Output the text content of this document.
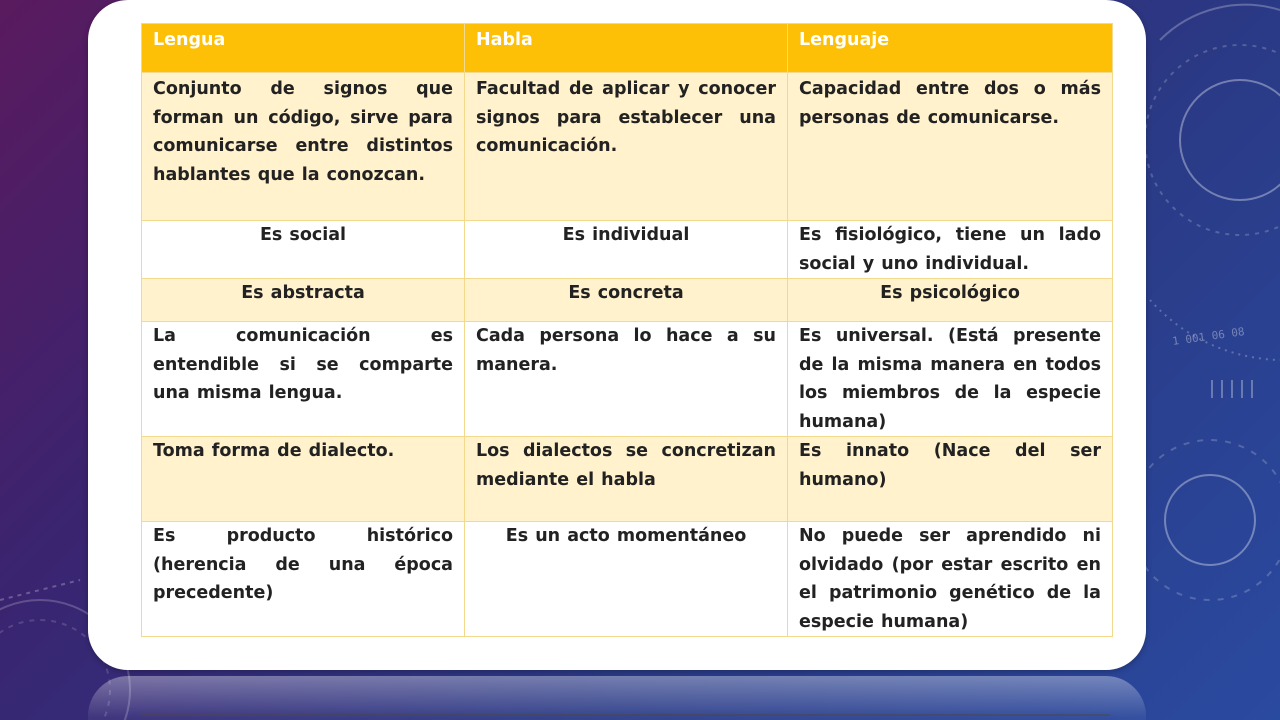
Lengua	Habla	Lenguaje
Conjunto de signos que forman un código, sirve para comunicarse entre distintos hablantes que la conozcan.	Facultad de aplicar y conocer signos para establecer una comunicación.	Capacidad entre dos o más personas de comunicarse.
Es social	Es individual	Es fisiológico, tiene un lado social y uno individual.
Es abstracta	Es concreta	Es psicológico
La comunicación es entendible si se comparte una misma lengua.	Cada persona lo hace a su manera.	Es universal. (Está presente de la misma manera en todos los miembros de la especie humana)
Toma forma de dialecto.	Los dialectos se concretizan mediante el habla	Es innato (Nace del ser humano)
Es producto histórico (herencia de una época precedente)	Es un acto momentáneo	No puede ser aprendido ni olvidado (por estar escrito en el patrimonio genético de la especie humana)
1 001 06 08
